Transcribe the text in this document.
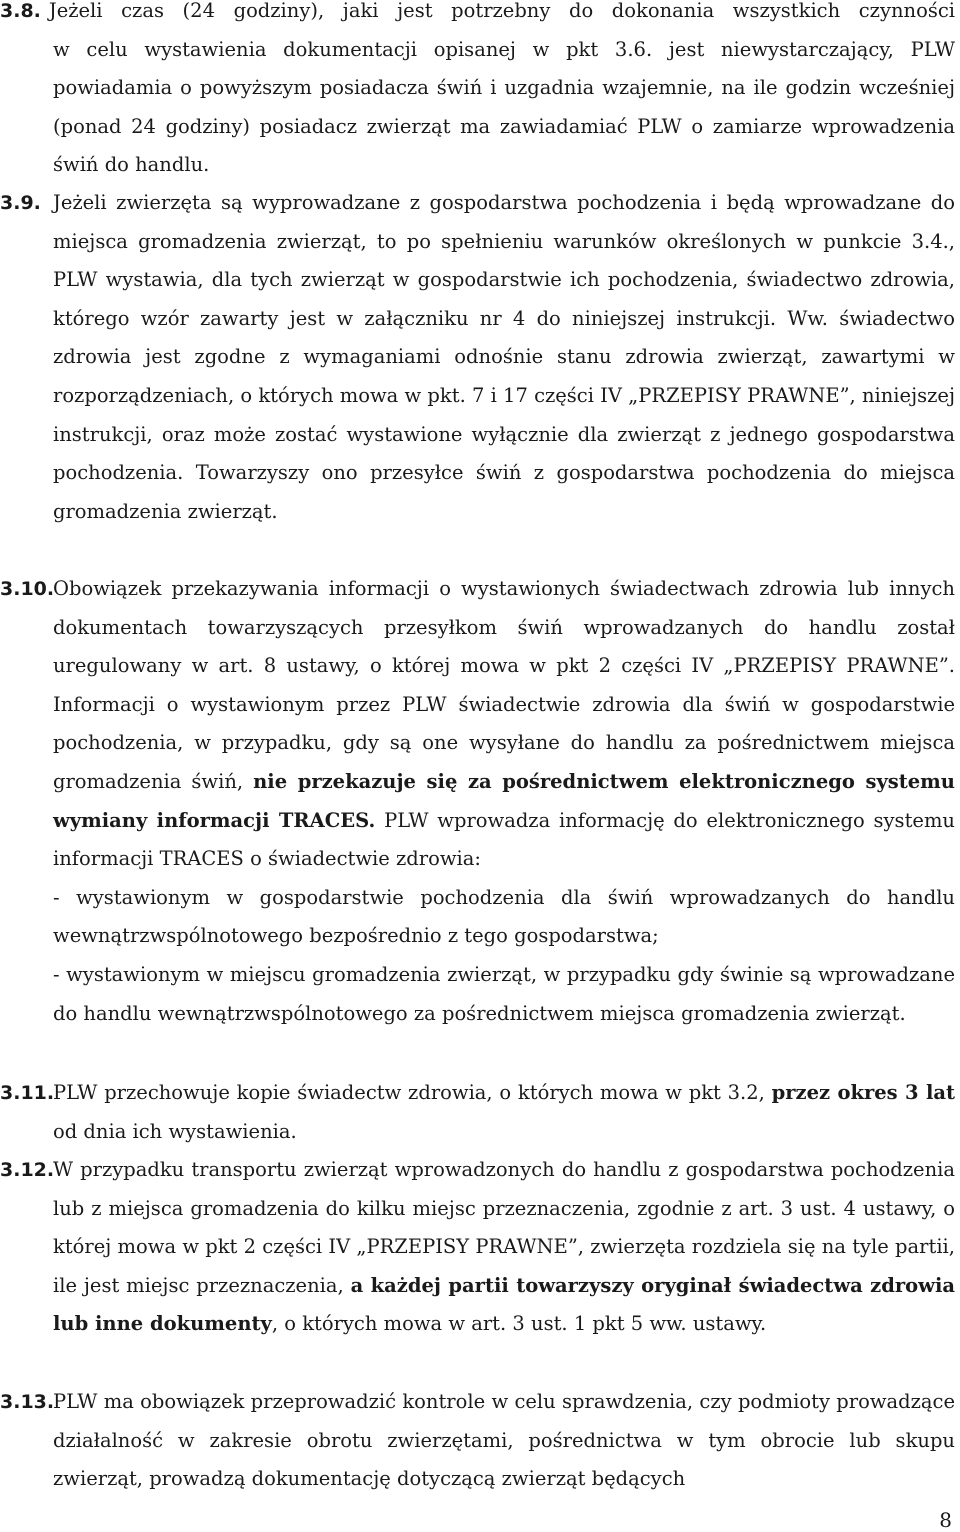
3.8. Jeżeli czas (24 godziny), jaki jest potrzebny do dokonania wszystkich czynności
w celu wystawienia dokumentacji opisanej w pkt 3.6. jest niewystarczający, PLW powiadamia o powyższym posiadacza świń i uzgadnia wzajemnie, na ile godzin wcześniej (ponad 24 godziny) posiadacz zwierząt ma zawiadamiać PLW o zamiarze wprowadzenia świń do handlu.
3.9. Jeżeli zwierzęta są wyprowadzane z gospodarstwa pochodzenia i będą wprowadzane do miejsca gromadzenia zwierząt, to po spełnieniu warunków określonych w punkcie 3.4., PLW wystawia, dla tych zwierząt w gospodarstwie ich pochodzenia, świadectwo zdrowia, którego wzór zawarty jest w załączniku nr 4 do niniejszej instrukcji. Ww. świadectwo zdrowia jest zgodne z wymaganiami odnośnie stanu zdrowia zwierząt, zawartymi w rozporządzeniach, o których mowa w pkt. 7 i 17 części IV „PRZEPISY PRAWNE”, niniejszej instrukcji, oraz może zostać wystawione wyłącznie dla zwierząt z jednego gospodarstwa pochodzenia. Towarzyszy ono przesyłce świń z gospodarstwa pochodzenia do miejsca gromadzenia zwierząt.
3.10.
Obowiązek przekazywania informacji o wystawionych świadectwach zdrowia lub innych dokumentach towarzyszących przesyłkom świń wprowadzanych do handlu został uregulowany w art. 8 ustawy, o której mowa w pkt 2 części IV „PRZEPISY PRAWNE”. Informacji o wystawionym przez PLW świadectwie zdrowia dla świń w gospodarstwie pochodzenia, w przypadku, gdy są one wysyłane do handlu za pośrednictwem miejsca gromadzenia świń, nie przekazuje się za pośrednictwem elektronicznego systemu wymiany informacji TRACES. PLW wprowadza informację do elektronicznego systemu informacji TRACES o świadectwie zdrowia:
- wystawionym w gospodarstwie pochodzenia dla świń wprowadzanych do handlu wewnątrzwspólnotowego bezpośrednio z tego gospodarstwa;
- wystawionym w miejscu gromadzenia zwierząt, w przypadku gdy świnie są wprowadzane do handlu wewnątrzwspólnotowego za pośrednictwem miejsca gromadzenia zwierząt.
3.11.
PLW przechowuje kopie świadectw zdrowia, o których mowa w pkt 3.2, przez okres 3 lat od dnia ich wystawienia.
3.12.
W przypadku transportu zwierząt wprowadzonych do handlu z gospodarstwa pochodzenia lub z miejsca gromadzenia do kilku miejsc przeznaczenia, zgodnie z art. 3 ust. 4 ustawy, o której mowa w pkt 2 części IV „PRZEPISY PRAWNE”, zwierzęta rozdziela się na tyle partii, ile jest miejsc przeznaczenia, a każdej partii towarzyszy oryginał świadectwa zdrowia lub inne dokumenty, o których mowa w art. 3 ust. 1 pkt 5 ww. ustawy.
3.13.
PLW ma obowiązek przeprowadzić kontrole w celu sprawdzenia, czy podmioty prowadzące działalność w zakresie obrotu zwierzętami, pośrednictwa w tym obrocie lub skupu zwierząt, prowadzą dokumentację dotyczącą zwierząt będących
8
